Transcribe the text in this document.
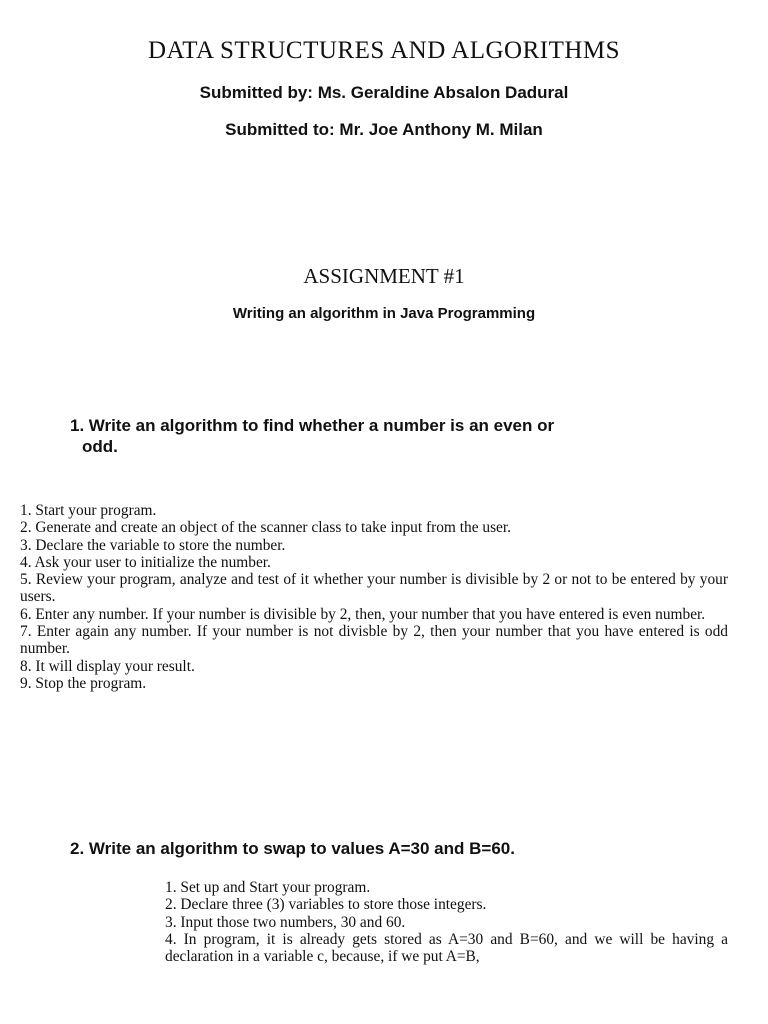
DATA STRUCTURES AND ALGORITHMS
Submitted by: Ms. Geraldine Absalon Dadural
Submitted to: Mr. Joe Anthony M. Milan
ASSIGNMENT #1
Writing an algorithm in Java Programming
1. Write an algorithm to find whether a number is an even or
odd.

1. Start your program.

2. Generate and create an object of the scanner class to take input from the user.

3. Declare the variable to store the number.

4. Ask your user to initialize the number.

5. Review your program, analyze and test of it whether your number is divisible by 2 or not to be entered by your users.

6. Enter any number. If your number is divisible by 2, then, your number that you have entered is even number.

7. Enter again any number. If your number is not divisble by 2, then your number that you have entered is odd number.

8. It will display your result.

9. Stop the program.

2. Write an algorithm to swap to values A=30 and B=60.

1. Set up and Start your program.

2. Declare three (3) variables to store those integers.

3. Input those two numbers, 30 and 60.

4. In program, it is already gets stored as A=30 and B=60, and we will be having a declaration in a variable c, because, if we put A=B,
